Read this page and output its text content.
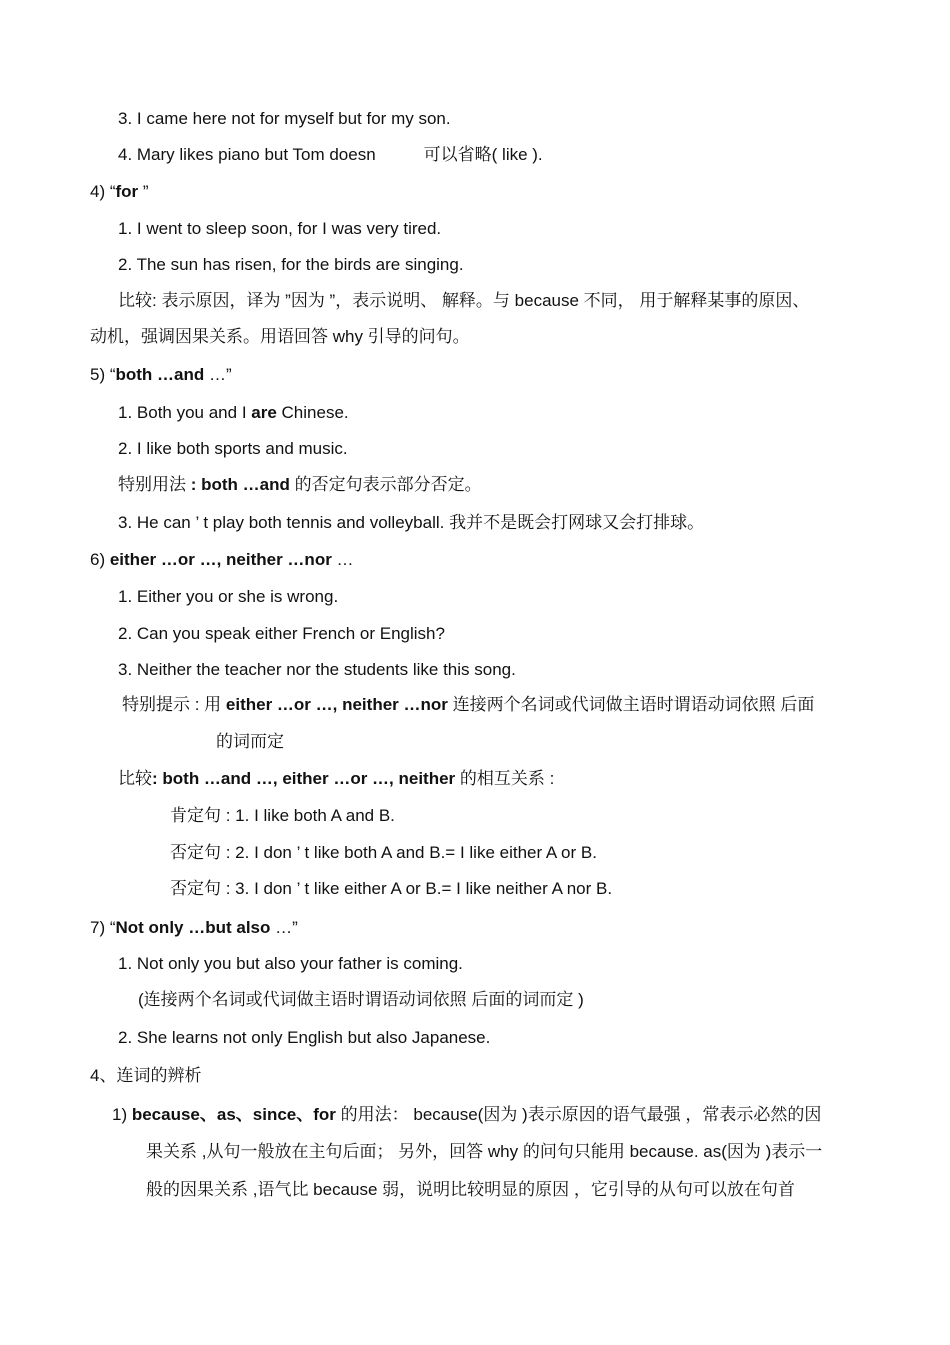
3. I came here not for myself but for my son.
4. Mary likes piano but Tom doesn	可以省略( like ).
4) “for ”
1. I went to sleep soon, for I was very tired.
2. The sun has risen, for the birds are singing.
比较: 表示原因，译为 ”因为 ”，表示说明、 解释。与 because 不同， 用于解释某事的原因、
动机，强调因果关系。用语回答 why 引导的问句。
5) “both …and …”
1. Both you and I are Chinese.
2. I like both sports and music.
特别用法 : both …and 的否定句表示部分否定。
3. He can ’ t play both tennis and volleyball. 我并不是既会打网球又会打排球。
6) either …or …, neither …nor …
1. Either you or she is wrong.
2. Can you speak either French or English?
3. Neither the teacher nor the students like this song.
特别提示 : 用 either …or …, neither …nor 连接两个名词或代词做主语时谓语动词依照 后面
的词而定
比较: both …and …, either …or …, neither 的相互关系 :
肯定句 : 1. I like both A and B.
否定句 : 2. I don ’ t like both A and B.= I like either A or B.
否定句 : 3. I don ’ t like either A or B.= I like neither A nor B.
7) “Not only …but also …”
1. Not only you but also your father is coming.
(连接两个名词或代词做主语时谓语动词依照 后面的词而定 )
2. She learns not only English but also Japanese.
4、连词的辨析
1) because、as、since、for 的用法： because(因为 )表示原因的语气最强 ，常表示必然的因
果关系 ,从句一般放在主句后面； 另外，回答 why 的问句只能用 because. as(因为 )表示一
般的因果关系 ,语气比 because 弱，说明比较明显的原因 ，它引导的从句可以放在句首
